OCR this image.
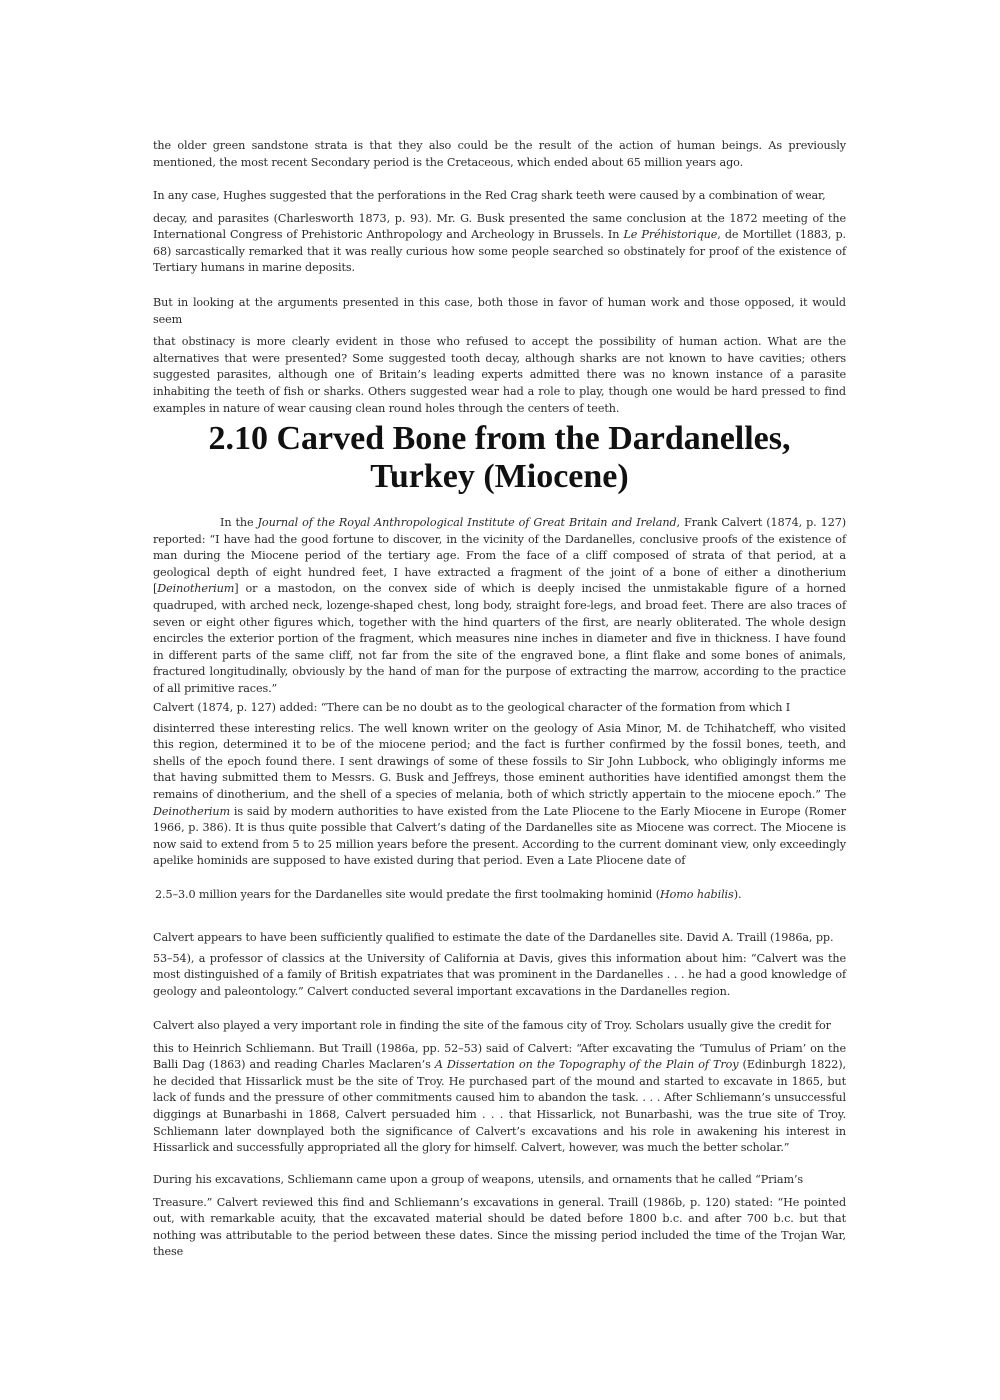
the older green sandstone strata is that they also could be the result of the action of human beings. As previously mentioned, the most recent Secondary period is the Cretaceous, which ended about 65 million years ago.

In any case, Hughes suggested that the perforations in the Red Crag shark teeth were caused by a combination of wear,
decay, and parasites (Charlesworth 1873, p. 93). Mr. G. Busk presented the same conclusion at the 1872 meeting of the International Congress of Prehistoric Anthropology and Archeology in Brussels. In Le Préhistorique, de Mortillet (1883, p. 68) sarcastically remarked that it was really curious how some people searched so obstinately for proof of the existence of Tertiary humans in marine deposits.

But in looking at the arguments presented in this case, both those in favor of human work and those opposed, it would seem
that obstinacy is more clearly evident in those who refused to accept the possibility of human action. What are the alternatives that were presented? Some suggested tooth decay, although sharks are not known to have cavities; others suggested parasites, although one of Britain’s leading experts admitted there was no known instance of a parasite inhabiting the teeth of fish or sharks. Others suggested wear had a role to play, though one would be hard pressed to find examples in nature of wear causing clean round holes through the centers of teeth.

2.10 Carved Bone from the Dardanelles,
Turkey (Miocene)

In the Journal of the Royal Anthropological Institute of Great Britain and Ireland, Frank Calvert (1874, p. 127) reported: “I have had the good fortune to discover, in the vicinity of the Dardanelles, conclusive proofs of the existence of man during the Miocene period of the tertiary age. From the face of a cliff composed of strata of that period, at a geological depth of eight hundred feet, I have extracted a fragment of the joint of a bone of either a dinotherium [Deinotherium] or a mastodon, on the convex side of which is deeply incised the unmistakable figure of a horned quadruped, with arched neck, lozenge-shaped chest, long body, straight fore-legs, and broad feet. There are also traces of seven or eight other figures which, together with the hind quarters of the first, are nearly obliterated. The whole design encircles the exterior portion of the fragment, which measures nine inches in diameter and five in thickness. I have found in different parts of the same cliff, not far from the site of the engraved bone, a flint flake and some bones of animals, fractured longitudinally, obviously by the hand of man for the purpose of extracting the marrow, according to the practice of all primitive races.”

Calvert (1874, p. 127) added: “There can be no doubt as to the geological character of the formation from which I
disinterred these interesting relics. The well known writer on the geology of Asia Minor, M. de Tchihatcheff, who visited this region, determined it to be of the miocene period; and the fact is further confirmed by the fossil bones, teeth, and shells of the epoch found there. I sent drawings of some of these fossils to Sir John Lubbock, who obligingly informs me that having submitted them to Messrs. G. Busk and Jeffreys, those eminent authorities have identified amongst them the remains of dinotherium, and the shell of a species of melania, both of which strictly appertain to the miocene epoch.” The Deinotherium is said by modern authorities to have existed from the Late Pliocene to the Early Miocene in Europe (Romer 1966, p. 386). It is thus quite possible that Calvert’s dating of the Dardanelles site as Miocene was correct. The Miocene is now said to extend from 5 to 25 million years before the present. According to the current dominant view, only exceedingly apelike hominids are supposed to have existed during that period. Even a Late Pliocene date of

2.5–3.0 million years for the Dardanelles site would predate the first toolmaking hominid (Homo habilis).

Calvert appears to have been sufficiently qualified to estimate the date of the Dardanelles site. David A. Traill (1986a, pp.
53–54), a professor of classics at the University of California at Davis, gives this information about him: “Calvert was the most distinguished of a family of British expatriates that was prominent in the Dardanelles . . . he had a good knowledge of geology and paleontology.” Calvert conducted several important excavations in the Dardanelles region.

Calvert also played a very important role in finding the site of the famous city of Troy. Scholars usually give the credit for
this to Heinrich Schliemann. But Traill (1986a, pp. 52–53) said of Calvert: “After excavating the ‘Tumulus of Priam’ on the Balli Dag (1863) and reading Charles Maclaren’s A Dissertation on the Topography of the Plain of Troy (Edinburgh 1822), he decided that Hissarlick must be the site of Troy. He purchased part of the mound and started to excavate in 1865, but lack of funds and the pressure of other commitments caused him to abandon the task. . . . After Schliemann’s unsuccessful diggings at Bunarbashi in 1868, Calvert persuaded him . . . that Hissarlick, not Bunarbashi, was the true site of Troy. Schliemann later downplayed both the significance of Calvert’s excavations and his role in awakening his interest in Hissarlick and successfully appropriated all the glory for himself. Calvert, however, was much the better scholar.”

During his excavations, Schliemann came upon a group of weapons, utensils, and ornaments that he called “Priam’s
Treasure.” Calvert reviewed this find and Schliemann’s excavations in general. Traill (1986b, p. 120) stated: “He pointed out, with remarkable acuity, that the excavated material should be dated before 1800 b.c. and after 700 b.c. but that nothing was attributable to the period between these dates. Since the missing period included the time of the Trojan War, these
